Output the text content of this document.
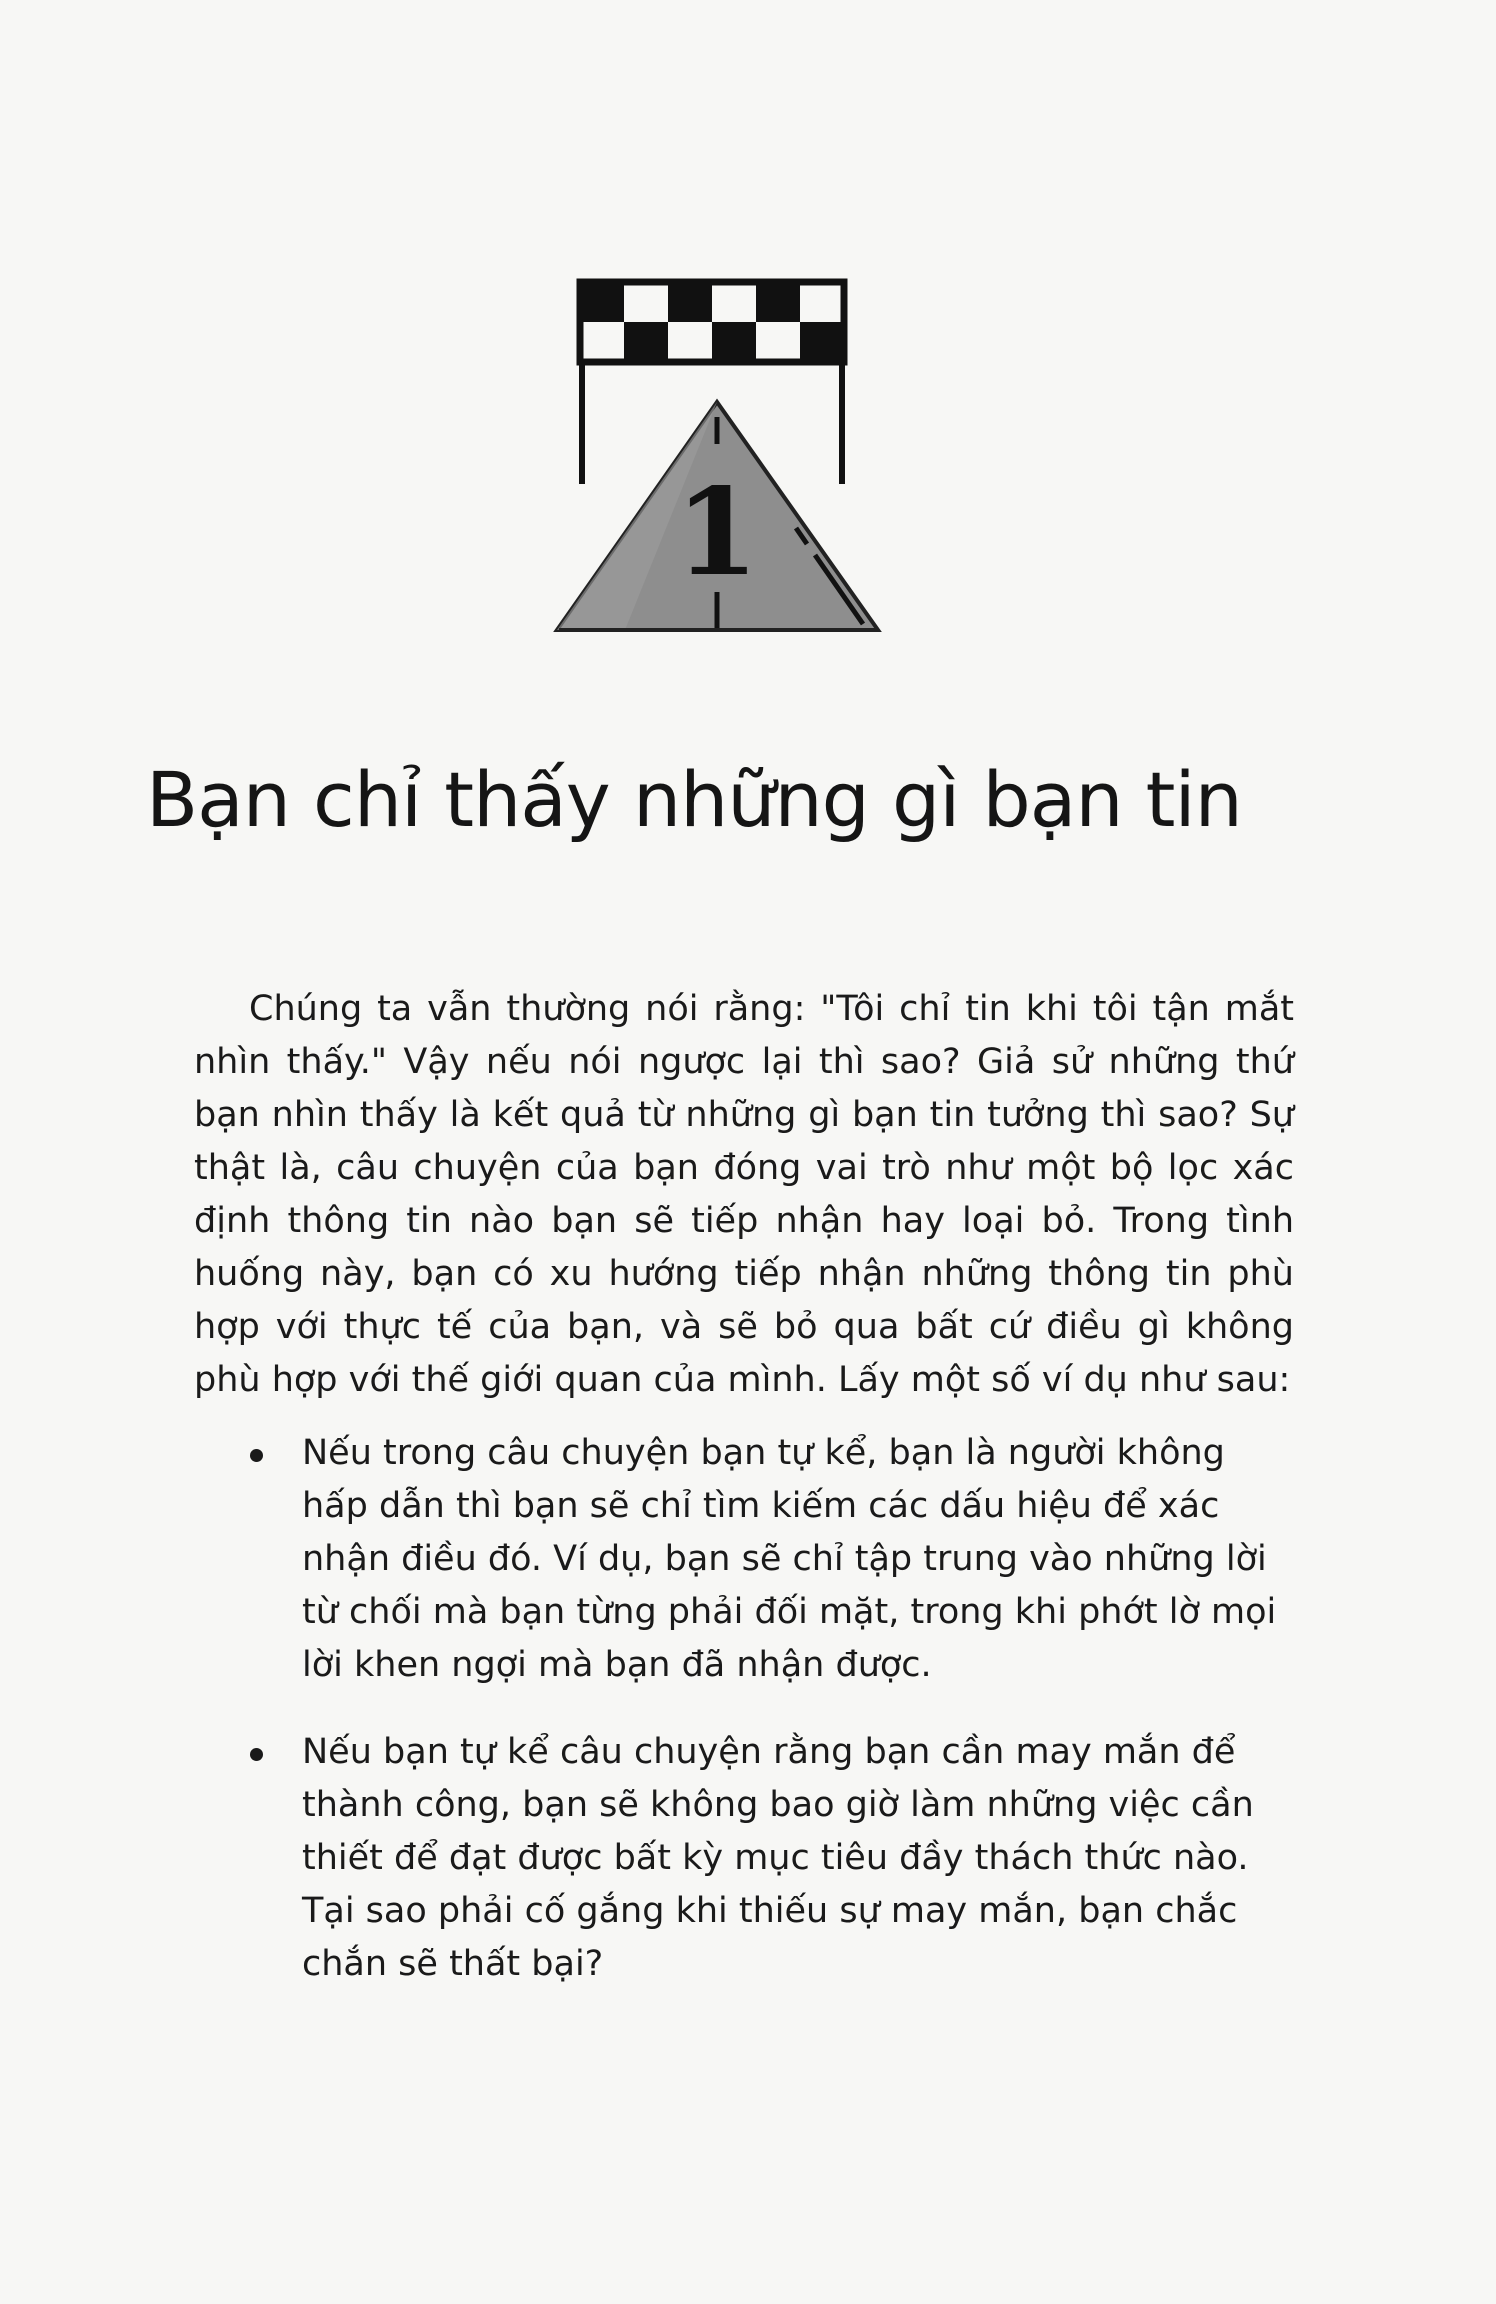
1
Bạn chỉ thấy những gì bạn tin

Chúng ta vẫn thường nói rằng: "Tôi chỉ tin khi tôi tận mắt nhìn thấy." Vậy nếu nói ngược lại thì sao? Giả sử những thứ bạn nhìn thấy là kết quả từ những gì bạn tin tưởng thì sao? Sự thật là, câu chuyện của bạn đóng vai trò như một bộ lọc xác định thông tin nào bạn sẽ tiếp nhận hay loại bỏ. Trong tình huống này, bạn có xu hướng tiếp nhận những thông tin phù hợp với thực tế của bạn, và sẽ bỏ qua bất cứ điều gì không phù hợp với thế giới quan của mình. Lấy một số ví dụ như sau:

Nếu trong câu chuyện bạn tự kể, bạn là người không hấp dẫn thì bạn sẽ chỉ tìm kiếm các dấu hiệu để xác nhận điều đó. Ví dụ, bạn sẽ chỉ tập trung vào những lời từ chối mà bạn từng phải đối mặt, trong khi phớt lờ mọi lời khen ngợi mà bạn đã nhận được.
Nếu bạn tự kể câu chuyện rằng bạn cần may mắn để thành công, bạn sẽ không bao giờ làm những việc cần thiết để đạt được bất kỳ mục tiêu đầy thách thức nào. Tại sao phải cố gắng khi thiếu sự may mắn, bạn chắc chắn sẽ thất bại?
